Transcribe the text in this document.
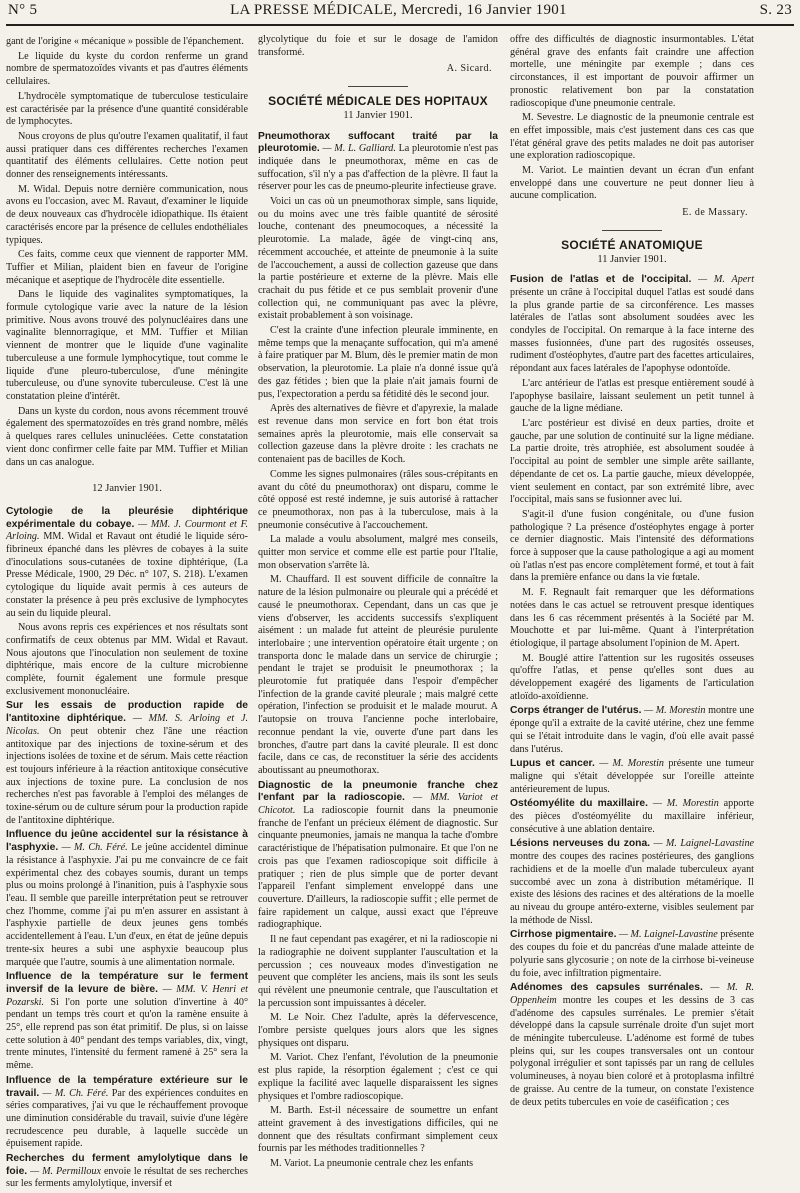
N° 5	LA PRESSE MÉDICALE, Mercredi, 16 Janvier 1901	S. 23

gant de l'origine « mécanique » possible de l'épanchement.

Le liquide du kyste du cordon renferme un grand nombre de spermatozoïdes vivants et pas d'autres éléments cellulaires.

L'hydrocèle symptomatique de tuberculose testiculaire est caractérisée par la présence d'une quantité considérable de lymphocytes.

Nous croyons de plus qu'outre l'examen qualitatif, il faut aussi pratiquer dans ces différentes recherches l'examen quantitatif des éléments cellulaires. Cette notion peut donner des renseignements intéressants.

M. Widal. Depuis notre dernière communication, nous avons eu l'occasion, avec M. Ravaut, d'examiner le liquide de deux nouveaux cas d'hydrocèle idiopathique. Ils étaient caractérisés encore par la présence de cellules endothéliales typiques.

Ces faits, comme ceux que viennent de rapporter MM. Tuffier et Milian, plaident bien en faveur de l'origine mécanique et aseptique de l'hydrocèle dite essentielle.

Dans le liquide des vaginalites symptomatiques, la formule cytologique varie avec la nature de la lésion primitive. Nous avons trouvé des polynucléaires dans une vaginalite blennorragique, et MM. Tuffier et Milian viennent de montrer que le liquide d'une vaginalite tuberculeuse a une formule lymphocytique, tout comme le liquide d'une pleuro-tuberculose, d'une méningite tuberculeuse, ou d'une synovite tuberculeuse. C'est là une constatation pleine d'intérêt.

Dans un kyste du cordon, nous avons récemment trouvé également des spermatozoïdes en très grand nombre, mêlés à quelques rares cellules uninucléées. Cette constatation vient donc confirmer celle faite par MM. Tuffier et Milian dans un cas analogue.

12 Janvier 1901.

Cytologie de la pleurésie diphtérique expérimentale du cobaye. — MM. J. Courmont et F. Arloing. MM. Widal et Ravaut ont étudié le liquide séro-fibrineux épanché dans les plèvres de cobayes à la suite d'inoculations sous-cutanées de toxine diphtérique, (La Presse Médicale, 1900, 29 Déc. n° 107, S. 218). L'examen cytologique du liquide avait permis à ces auteurs de constater la présence à peu près exclusive de lymphocytes au sein du liquide pleural.

Nous avons repris ces expériences et nos résultats sont confirmatifs de ceux obtenus par MM. Widal et Ravaut. Nous ajoutons que l'inoculation non seulement de toxine diphtérique, mais encore de la culture microbienne complète, fournit également une formule presque exclusivement mononucléaire.

Sur les essais de production rapide de l'antitoxine diphtérique. — MM. S. Arloing et J. Nicolas. On peut obtenir chez l'âne une réaction antitoxique par des injections de toxine-sérum et des injections isolées de toxine et de sérum. Mais cette réaction est toujours inférieure à la réaction antitoxique consécutive aux injections de toxine pure. La conclusion de nos recherches n'est pas favorable à l'emploi des mélanges de toxine-sérum ou de culture sérum pour la production rapide de l'antitoxine diphtérique.

Influence du jeûne accidentel sur la résistance à l'asphyxie. — M. Ch. Féré. Le jeûne accidentel diminue la résistance à l'asphyxie. J'ai pu me convaincre de ce fait expérimental chez des cobayes soumis, durant un temps plus ou moins prolongé à l'inanition, puis à l'asphyxie sous l'eau. Il semble que pareille interprétation peut se retrouver chez l'homme, comme j'ai pu m'en assurer en assistant à l'asphyxie partielle de deux jeunes gens tombés accidentellement à l'eau. L'un d'eux, en état de jeûne depuis trente-six heures a subi une asphyxie beaucoup plus marquée que l'autre, soumis à une alimentation normale.

Influence de la température sur le ferment inversif de la levure de bière. — MM. V. Henri et Pozarski. Si l'on porte une solution d'invertine à 40° pendant un temps très court et qu'on la ramène ensuite à 25°, elle reprend pas son état primitif. De plus, si on laisse cette solution à 40° pendant des temps variables, dix, vingt, trente minutes, l'intensité du ferment ramené à 25° sera la même.

Influence de la température extérieure sur le travail. — M. Ch. Féré. Par des expériences conduites en séries comparatives, j'ai vu que le réchauffement provoque une diminution considérable du travail, suivie d'une légère recrudescence peu durable, à laquelle succède un épuisement rapide.

Recherches du ferment amylolytique dans le foie. — M. Permilloux envoie le résultat de ses recherches sur les ferments amylolytique, inversif et

glycolytique du foie et sur le dosage de l'amidon transformé.

A. Sicard.
SOCIÉTÉ MÉDICALE DES HOPITAUX
11 Janvier 1901.

Pneumothorax suffocant traité par la pleurotomie. — M. L. Galliard. La pleurotomie n'est pas indiquée dans le pneumothorax, même en cas de suffocation, s'il n'y a pas d'affection de la plèvre. Il faut la réserver pour les cas de pneumo-pleurite infectieuse grave.

Voici un cas où un pneumothorax simple, sans liquide, ou du moins avec une très faible quantité de sérosité louche, contenant des pneumocoques, a nécessité la pleurotomie. La malade, âgée de vingt-cinq ans, récemment accouchée, et atteinte de pneumonie à la suite de l'accouchement, a aussi de collection gazeuse que dans la partie postérieure et externe de la plèvre. Mais elle crachait du pus fétide et ce pus semblait provenir d'une collection qui, ne communiquant pas avec la plèvre, existait probablement à son voisinage.

C'est la crainte d'une infection pleurale imminente, en même temps que la menaçante suffocation, qui m'a amené à faire pratiquer par M. Blum, dès le premier matin de mon observation, la pleurotomie. La plaie n'a donné issue qu'à des gaz fétides ; bien que la plaie n'ait jamais fourni de pus, l'expectoration a perdu sa fétidité dès le second jour.

Après des alternatives de fièvre et d'apyrexie, la malade est revenue dans mon service en fort bon état trois semaines après la pleurotomie, mais elle conservait sa collection gazeuse dans la plèvre droite : les crachats ne contenaient pas de bacilles de Koch.

Comme les signes pulmonaires (râles sous-crépitants en avant du côté du pneumothorax) ont disparu, comme le côté opposé est resté indemne, je suis autorisé à rattacher ce pneumothorax, non pas à la tuberculose, mais à la pneumonie consécutive à l'accouchement.

La malade a voulu absolument, malgré mes conseils, quitter mon service et comme elle est partie pour l'Italie, mon observation s'arrête là.

M. Chauffard. Il est souvent difficile de connaître la nature de la lésion pulmonaire ou pleurale qui a précédé et causé le pneumothorax. Cependant, dans un cas que je viens d'observer, les accidents successifs s'expliquent aisément : un malade fut atteint de pleurésie purulente interlobaire ; une intervention opératoire était urgente ; on transporta donc le malade dans un service de chirurgie ; pendant le trajet se produisit le pneumothorax ; la pleurotomie fut pratiquée dans l'espoir d'empêcher l'infection de la grande cavité pleurale ; mais malgré cette opération, l'infection se produisit et le malade mourut. A l'autopsie on trouva l'ancienne poche interlobaire, reconnue pendant la vie, ouverte d'une part dans les bronches, d'autre part dans la cavité pleurale. Il est donc facile, dans ce cas, de reconstituer la série des accidents aboutissant au pneumothorax.

Diagnostic de la pneumonie franche chez l'enfant par la radioscopie. — MM. Variot et Chicotot. La radioscopie fournit dans la pneumonie franche de l'enfant un précieux élément de diagnostic. Sur cinquante pneumonies, jamais ne manqua la tache d'ombre caractéristique de l'hépatisation pulmonaire. Et que l'on ne crois pas que l'examen radioscopique soit difficile à pratiquer ; rien de plus simple que de porter devant l'appareil l'enfant simplement enveloppé dans une couverture. D'ailleurs, la radioscopie suffit ; elle permet de faire rapidement un calque, aussi exact que l'épreuve radiographique.

Il ne faut cependant pas exagérer, et ni la radioscopie ni la radiographie ne doivent supplanter l'auscultation et la percussion ; ces nouveaux modes d'investigation ne peuvent que compléter les anciens, mais ils sont les seuls qui révèlent une pneumonie centrale, que l'auscultation et la percussion sont impuissantes à déceler.

M. Le Noir. Chez l'adulte, après la défervescence, l'ombre persiste quelques jours alors que les signes physiques ont disparu.

M. Variot. Chez l'enfant, l'évolution de la pneumonie est plus rapide, la résorption également ; c'est ce qui explique la facilité avec laquelle disparaissent les signes physiques et l'ombre radioscopique.

M. Barth. Est-il nécessaire de soumettre un enfant atteint gravement à des investigations difficiles, qui ne donnent que des résultats confirmant simplement ceux fournis par les méthodes traditionnelles ?

M. Variot. La pneumonie centrale chez les enfants

offre des difficultés de diagnostic insurmontables. L'état général grave des enfants fait craindre une affection mortelle, une méningite par exemple ; dans ces circonstances, il est important de pouvoir affirmer un pronostic relativement bon par la constatation radioscopique d'une pneumonie centrale.

M. Sevestre. Le diagnostic de la pneumonie centrale est en effet impossible, mais c'est justement dans ces cas que l'état général grave des petits malades ne doit pas autoriser une exploration radioscopique.

M. Variot. Le maintien devant un écran d'un enfant enveloppé dans une couverture ne peut donner lieu à aucune complication.

E. de Massary.
SOCIÉTÉ ANATOMIQUE
11 Janvier 1901.

Fusion de l'atlas et de l'occipital. — M. Apert présente un crâne à l'occipital duquel l'atlas est soudé dans la plus grande partie de sa circonférence. Les masses latérales de l'atlas sont absolument soudées avec les condyles de l'occipital. On remarque à la face interne des masses fusionnées, d'une part des rugosités osseuses, rudiment d'ostéophytes, d'autre part des facettes articulaires, répondant aux faces latérales de l'apophyse odontoïde.

L'arc antérieur de l'atlas est presque entièrement soudé à l'apophyse basilaire, laissant seulement un petit tunnel à gauche de la ligne médiane.

L'arc postérieur est divisé en deux parties, droite et gauche, par une solution de continuité sur la ligne médiane. La partie droite, très atrophiée, est absolument soudée à l'occipital au point de sembler une simple arête saillante, dépendante de cet os. La partie gauche, mieux développée, vient seulement en contact, par son extrémité libre, avec l'occipital, mais sans se fusionner avec lui.

S'agit-il d'une fusion congénitale, ou d'une fusion pathologique ? La présence d'ostéophytes engage à porter ce dernier diagnostic. Mais l'intensité des déformations force à supposer que la cause pathologique a agi au moment où l'atlas n'est pas encore complètement formé, et tout à fait dans la première enfance ou dans la vie fœtale.

M. F. Regnault fait remarquer que les déformations notées dans le cas actuel se retrouvent presque identiques dans les 6 cas récemment présentés à la Société par M. Mouchotte et par lui-même. Quant à l'interprétation étiologique, il partage absolument l'opinion de M. Apert.

M. Bouglé attire l'attention sur les rugosités osseuses qu'offre l'atlas, et pense qu'elles sont dues au développement exagéré des ligaments de l'articulation atloïdo-axoïdienne.

Corps étranger de l'utérus. — M. Morestin montre une éponge qu'il a extraite de la cavité utérine, chez une femme qui se l'était introduite dans le vagin, d'où elle avait passé dans l'utérus.

Lupus et cancer. — M. Morestin présente une tumeur maligne qui s'était développée sur l'oreille atteinte antérieurement de lupus.

Ostéomyélite du maxillaire. — M. Morestin apporte des pièces d'ostéomyélite du maxillaire inférieur, consécutive à une ablation dentaire.

Lésions nerveuses du zona. — M. Laignel-Lavastine montre des coupes des racines postérieures, des ganglions rachidiens et de la moelle d'un malade tuberculeux ayant succombé avec un zona à distribution métamérique. Il existe des lésions des racines et des altérations de la moelle au niveau du groupe antéro-externe, visibles seulement par la méthode de Nissl.

Cirrhose pigmentaire. — M. Laignel-Lavastine présente des coupes du foie et du pancréas d'une malade atteinte de polyurie sans glycosurie ; on note de la cirrhose bi-veineuse du foie, avec infiltration pigmentaire.

Adénomes des capsules surrénales. — M. R. Oppenheim montre les coupes et les dessins de 3 cas d'adénome des capsules surrénales. Le premier s'était développé dans la capsule surrénale droite d'un sujet mort de méningite tuberculeuse. L'adénome est formé de tubes pleins qui, sur les coupes transversales ont un contour polygonal irrégulier et sont tapissés par un rang de cellules volumineuses, à noyau bien coloré et à protoplasma infiltré de graisse. Au centre de la tumeur, on constate l'existence de deux petits tubercules en voie de caséification ; ces
